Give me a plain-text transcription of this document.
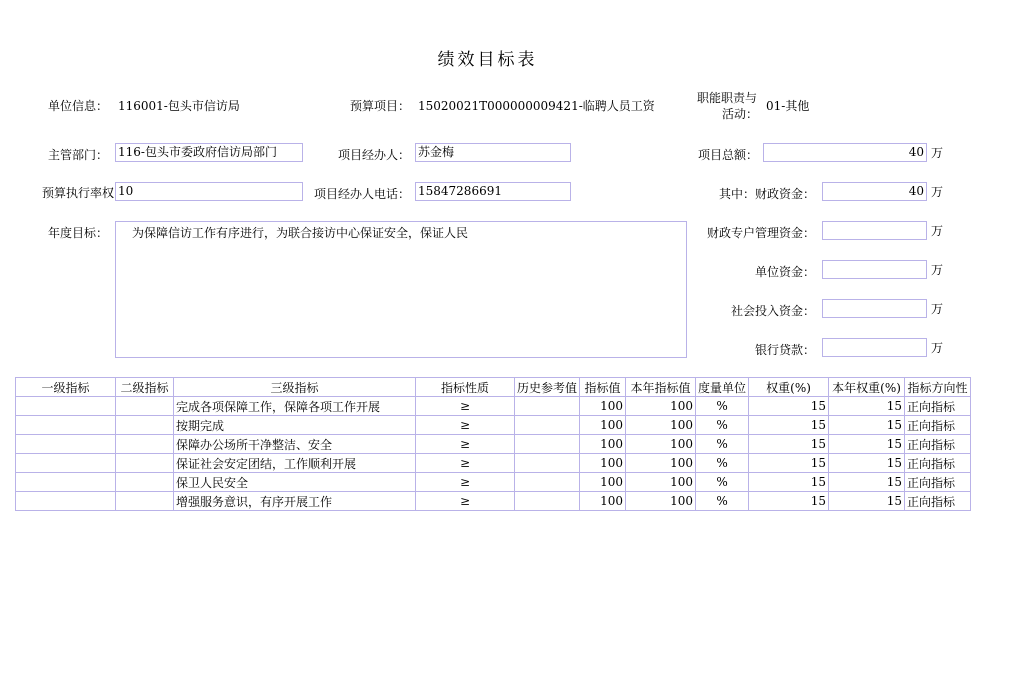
绩效目标表
单位信息： 116001-包头市信访局	预算项目： 15020021T000000009421-临聘人员工资
职能职责与
活动：
01-其他
主管部门： 116-包头市委政府信访局部门	项目经办人： 苏金梅	项目总额：	40 万
预算执行率权 10	项目经办人电话： 15847286691	其中：财政资金：	40 万
年度目标：	为保障信访工作有序进行，为联合接访中心保证安全，保证人民	财政专户管理资金：	万
单位资金：	万
社会投入资金：	万
银行贷款：	万
一级指标	二级指标	三级指标	指标性质	历史参考值	指标值	本年指标值	度量单位	权重(%)	本年权重(%)	指标方向性
		完成各项保障工作，保障各项工作开展	≥		100	100	%	15	15	正向指标
		按期完成	≥		100	100	%	15	15	正向指标
		保障办公场所干净整洁、安全	≥		100	100	%	15	15	正向指标
		保证社会安定团结，工作顺利开展	≥		100	100	%	15	15	正向指标
		保卫人民安全	≥		100	100	%	15	15	正向指标
		增强服务意识，有序开展工作	≥		100	100	%	15	15	正向指标
